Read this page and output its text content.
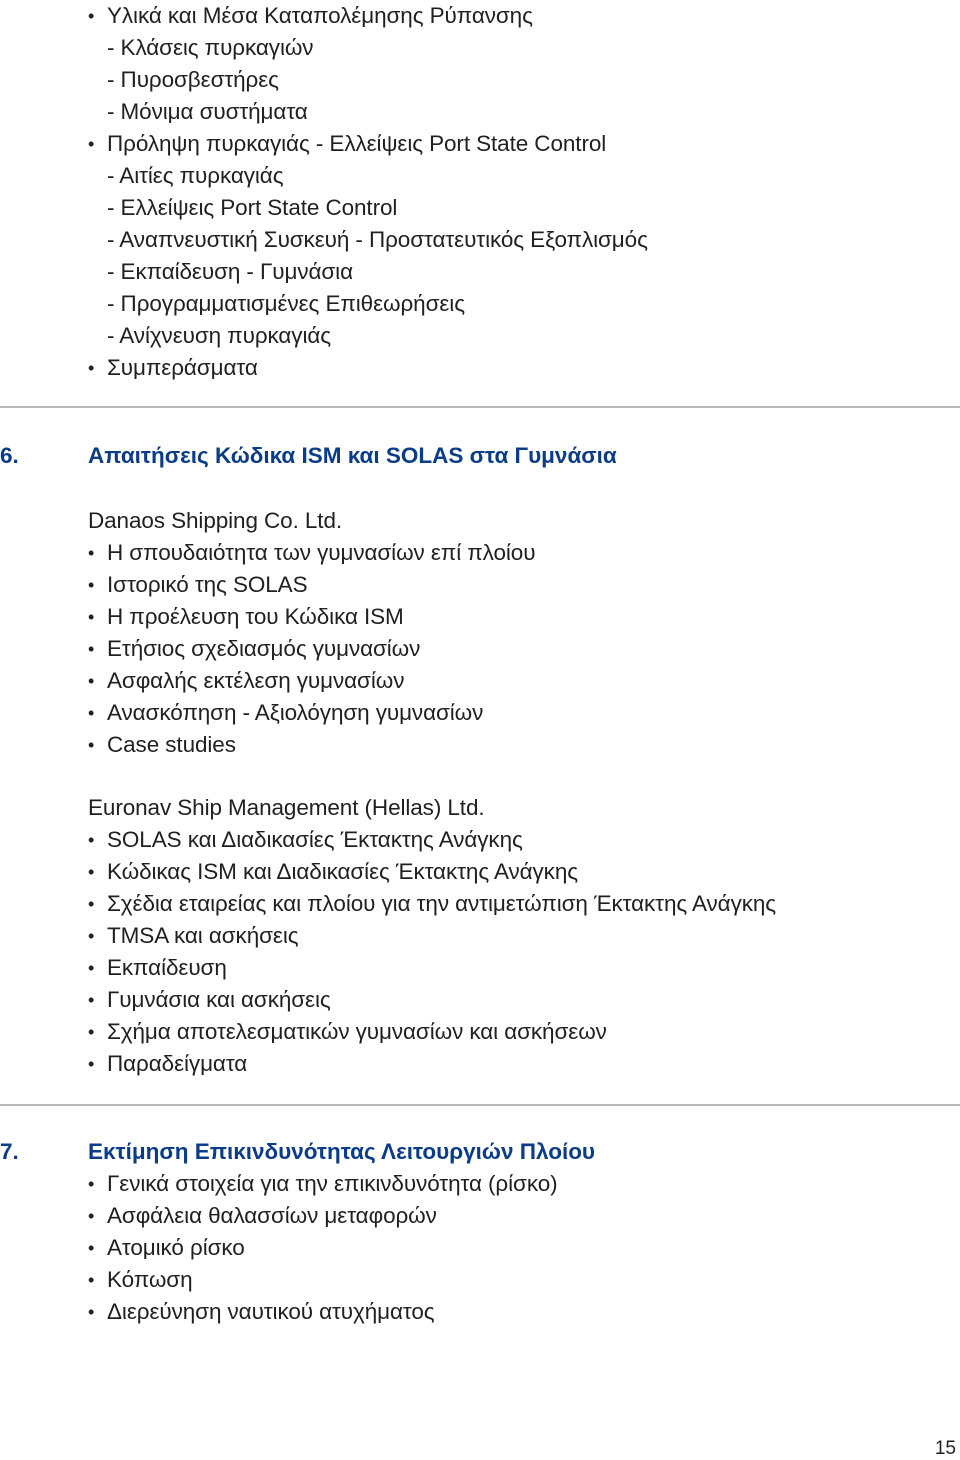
• Υλικά και Μέσα Καταπολέμησης Ρύπανσης
- Κλάσεις πυρκαγιών
- Πυροσβεστήρες
- Μόνιμα συστήματα
• Πρόληψη πυρκαγιάς - Ελλείψεις Port State Control
- Αιτίες πυρκαγιάς
- Ελλείψεις Port State Control
- Αναπνευστική Συσκευή - Προστατευτικός Εξοπλισμός
- Εκπαίδευση - Γυμνάσια
- Προγραμματισμένες Επιθεωρήσεις
- Ανίχνευση πυρκαγιάς
• Συμπεράσματα
6.	Απαιτήσεις Κώδικα ISM και SOLAS στα Γυμνάσια
Danaos Shipping Co. Ltd.
• Η σπουδαιότητα των γυμνασίων επί πλοίου
• Ιστορικό της SOLAS
• Η προέλευση του Κώδικα ISM
• Ετήσιος σχεδιασμός γυμνασίων
• Ασφαλής εκτέλεση γυμνασίων
• Ανασκόπηση - Αξιολόγηση γυμνασίων
• Case studies
Euronav Ship Management (Hellas) Ltd.
• SOLAS και Διαδικασίες Έκτακτης Ανάγκης
• Κώδικας ISM και Διαδικασίες Έκτακτης Ανάγκης
• Σχέδια εταιρείας και πλοίου για την αντιμετώπιση Έκτακτης Ανάγκης
• TMSA και ασκήσεις
• Εκπαίδευση
• Γυμνάσια και ασκήσεις
• Σχήμα αποτελεσματικών γυμνασίων και ασκήσεων
• Παραδείγματα
7.	Εκτίμηση Επικινδυνότητας Λειτουργιών Πλοίου
• Γενικά στοιχεία για την επικινδυνότητα (ρίσκο)
• Ασφάλεια θαλασσίων μεταφορών
• Ατομικό ρίσκο
• Κόπωση
• Διερεύνηση ναυτικού ατυχήματος
15
